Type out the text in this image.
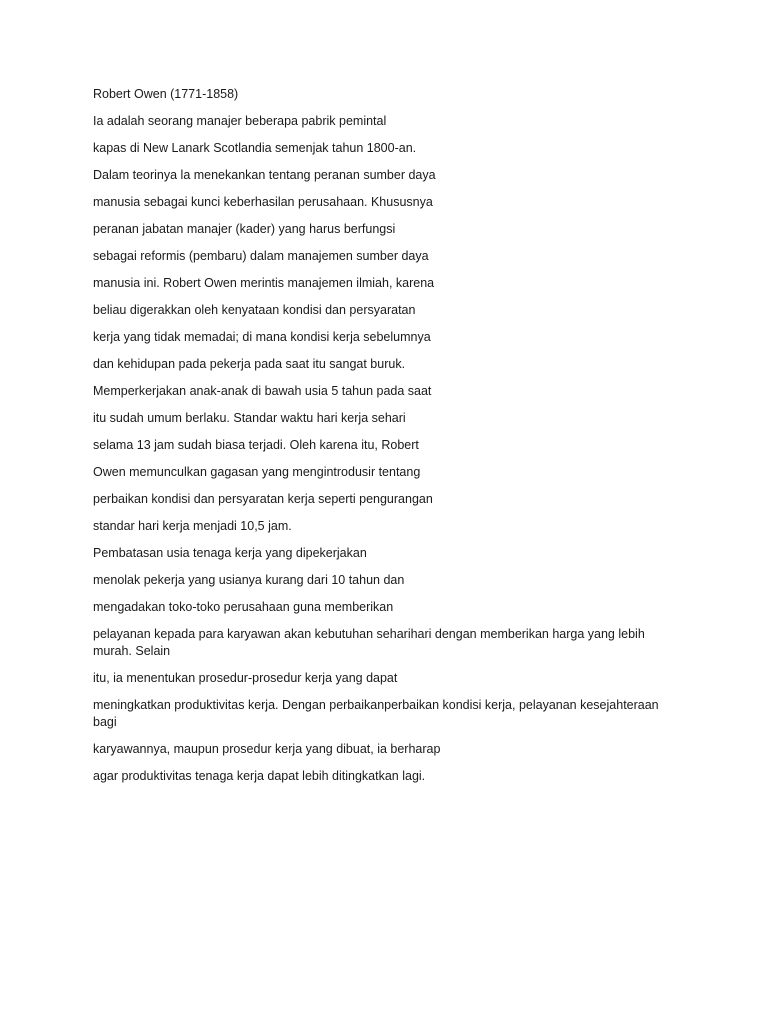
Robert Owen (1771-1858)

Ia adalah seorang manajer beberapa pabrik pemintal

kapas di New Lanark Scotlandia semenjak tahun 1800-an.

Dalam teorinya la menekankan tentang peranan sumber daya

manusia sebagai kunci keberhasilan perusahaan. Khususnya

peranan jabatan manajer (kader) yang harus berfungsi

sebagai reformis (pembaru) dalam manajemen sumber daya

manusia ini. Robert Owen merintis manajemen ilmiah, karena

beliau digerakkan oleh kenyataan kondisi dan persyaratan

kerja yang tidak memadai; di mana kondisi kerja sebelumnya

dan kehidupan pada pekerja pada saat itu sangat buruk.

Memperkerjakan anak-anak di bawah usia 5 tahun pada saat

itu sudah umum berlaku. Standar waktu hari kerja sehari

selama 13 jam sudah biasa terjadi. Oleh karena itu, Robert

Owen memunculkan gagasan yang mengintrodusir tentang

perbaikan kondisi dan persyaratan kerja seperti pengurangan

standar hari kerja menjadi 10,5 jam.

Pembatasan usia tenaga kerja yang dipekerjakan

menolak pekerja yang usianya kurang dari 10 tahun dan

mengadakan toko-toko perusahaan guna memberikan

pelayanan kepada para karyawan akan kebutuhan seharihari dengan memberikan harga yang lebih murah. Selain

itu, ia menentukan prosedur-prosedur kerja yang dapat

meningkatkan produktivitas kerja. Dengan perbaikanperbaikan kondisi kerja, pelayanan kesejahteraan bagi

karyawannya, maupun prosedur kerja yang dibuat, ia berharap

agar produktivitas tenaga kerja dapat lebih ditingkatkan lagi.
